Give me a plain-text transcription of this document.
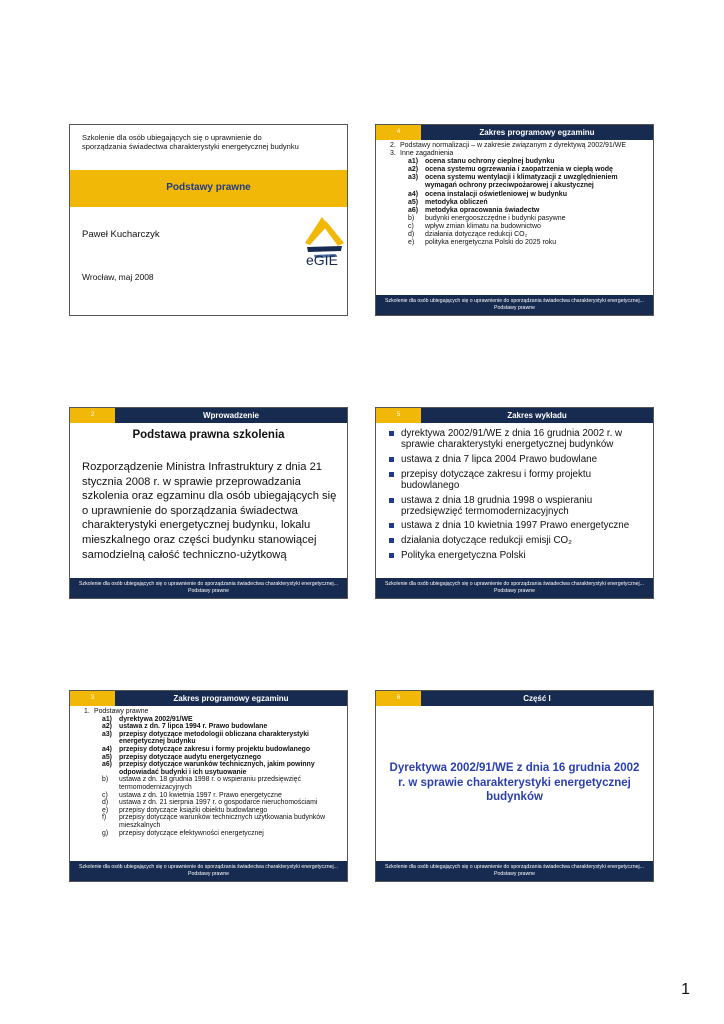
Szkolenie dla osób ubiegających się o uprawnienie do sporządzania świadectwa charakterystyki energetycznej budynku
Podstawy prawne
Paweł Kucharczyk
Wrocław, maj 2008
eGIE
4	Zakres programowy egzaminu
2. Podstawy normalizacji – w zakresie związanym z dyrektywą 2002/91/WE
3. Inne zagadnienia
a1) ocena stanu ochrony cieplnej budynku
a2) ocena systemu ogrzewania i zaopatrzenia w ciepłą wodę
a3) ocena systemu wentylacji i klimatyzacji z uwzględnieniem wymagań ochrony przeciwpożarowej i akustycznej
a4) ocena instalacji oświetleniowej w budynku
a5) metodyka obliczeń
a6) metodyka opracowania świadectw
b)	budynki energooszczędne i budynki pasywne
c)	wpływ zmian klimatu na budownictwo
d)	działania dotyczące redukcji CO₂
e)	polityka energetyczna Polski do 2025 roku
Szkolenie dla osób ubiegających się o uprawnienie do sporządzania świadectwa charakterystyki energetycznej...
Podstawy prawne
2	Wprowadzenie
Podstawa prawna szkolenia
Rozporządzenie Ministra Infrastruktury z dnia 21 stycznia 2008 r. w sprawie przeprowadzania szkolenia oraz egzaminu dla osób ubiegających się o uprawnienie do sporządzania świadectwa charakterystyki energetycznej budynku, lokalu mieszkalnego oraz części budynku stanowiącej samodzielną całość techniczno-użytkową
Szkolenie dla osób ubiegających się o uprawnienie do sporządzania świadectwa charakterystyki energetycznej...
Podstawy prawne
5	Zakres wykładu
dyrektywa 2002/91/WE z dnia 16 grudnia 2002 r. w sprawie charakterystyki energetycznej budynków
ustawa z dnia 7 lipca 2004 Prawo budowlane
przepisy dotyczące zakresu i formy projektu budowlanego
ustawa z dnia 18 grudnia 1998 o wspieraniu przedsięwzięć termomodernizacyjnych
ustawa z dnia 10 kwietnia 1997 Prawo energetyczne
działania dotyczące redukcji emisji CO₂
Polityka energetyczna Polski
Szkolenie dla osób ubiegających się o uprawnienie do sporządzania świadectwa charakterystyki energetycznej...
Podstawy prawne
3	Zakres programowy egzaminu
1. Podstawy prawne
a1)	dyrektywa 2002/91/WE
a2)	ustawa z dn. 7 lipca 1994 r. Prawo budowlane
a3)	przepisy dotyczące metodologii obliczana charakterystyki energetycznej budynku
a4)	przepisy dotyczące zakresu i formy projektu budowlanego
a5)	przepisy dotyczące audytu energetycznego
a6)	przepisy dotyczące warunków technicznych, jakim powinny odpowiadać budynki i ich usytuowanie
b)	ustawa z dn. 18 grudnia 1998 r. o wspieraniu przedsięwzięć termomodernizacyjnych
c)	ustawa z dn. 10 kwietnia 1997 r. Prawo energetyczne
d)	ustawa z dn. 21 sierpnia 1997 r. o gospodarce nieruchomościami
e)	przepisy dotyczące książki obiektu budowlanego
f)	przepisy dotyczące warunków technicznych użytkowania budynków mieszkalnych
g)	przepisy dotyczące efektywności energetycznej
Szkolenie dla osób ubiegających się o uprawnienie do sporządzania świadectwa charakterystyki energetycznej...
Podstawy prawne
6	Część I
Dyrektywa 2002/91/WE z dnia 16 grudnia 2002 r. w sprawie charakterystyki energetycznej budynków
Szkolenie dla osób ubiegających się o uprawnienie do sporządzania świadectwa charakterystyki energetycznej...
Podstawy prawne
1
